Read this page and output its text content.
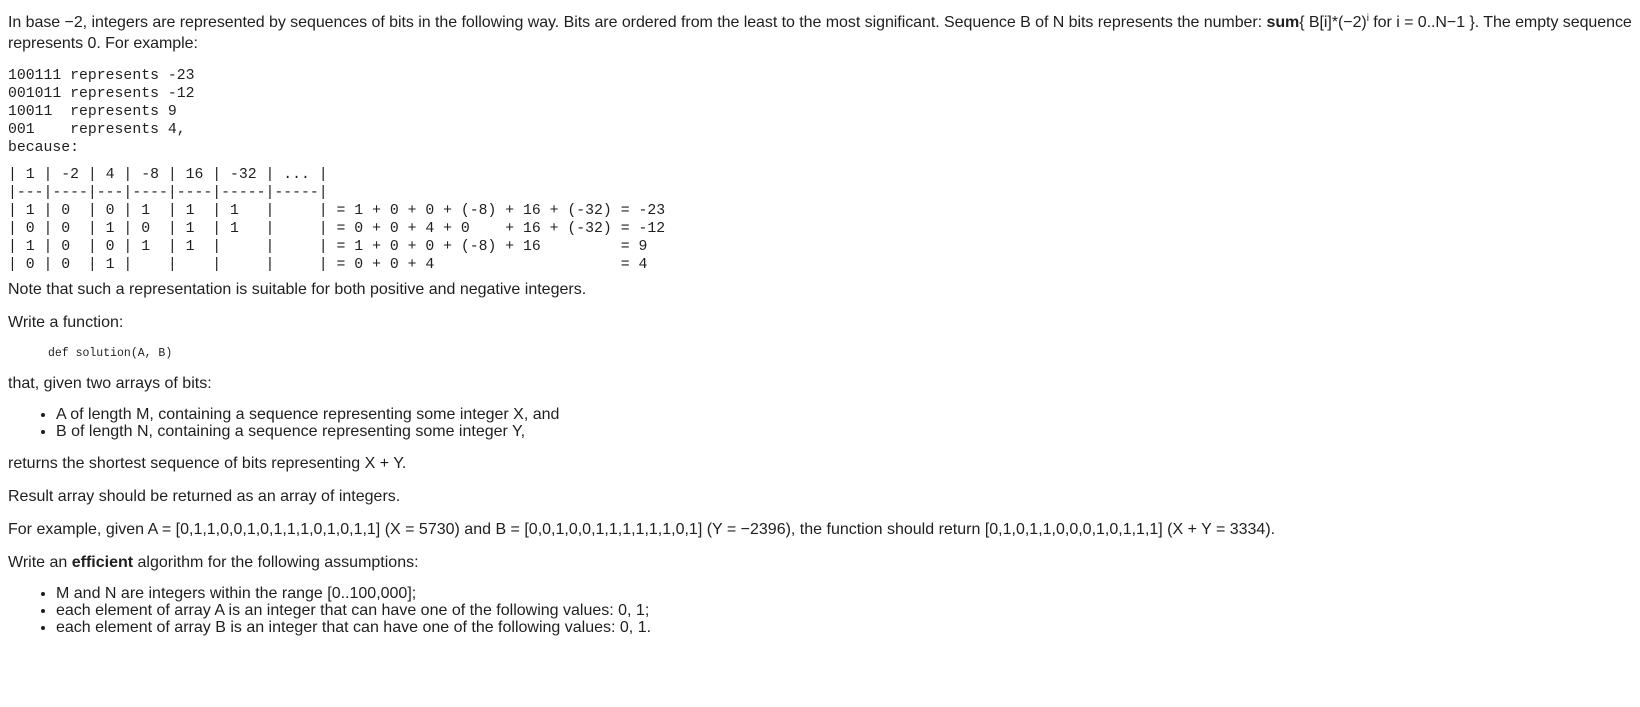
In base −2, integers are represented by sequences of bits in the following way. Bits are ordered from the least to the most significant. Sequence B of N bits represents the number: sum{ $B[i]*(-2)^i$ for i = 0..N−1 }. The empty sequence represents 0. For example:

100111 represents -23
001011 represents -12
10011  represents 9
001    represents 4,
because:
| 1 | -2 | 4 | -8 | 16 | -32 | ... |
|---|----|---|----|----|-----|-----|
| 1 | 0  | 0 | 1  | 1  | 1   |     | = 1 + 0 + 0 + (-8) + 16 + (-32) = -23
| 0 | 0  | 1 | 0  | 1  | 1   |     | = 0 + 0 + 4 + 0    + 16 + (-32) = -12
| 1 | 0  | 0 | 1  | 1  |     |     | = 1 + 0 + 0 + (-8) + 16         = 9
| 0 | 0  | 1 |    |    |     |     | = 0 + 0 + 4                     = 4

Note that such a representation is suitable for both positive and negative integers.

Write a function:

def solution(A, B)

that, given two arrays of bits:

• A of length M, containing a sequence representing some integer X, and
• B of length N, containing a sequence representing some integer Y,

returns the shortest sequence of bits representing X + Y.

Result array should be returned as an array of integers.

For example, given A = [0,1,1,0,0,1,0,1,1,1,0,1,0,1,1] (X = 5730) and B = [0,0,1,0,0,1,1,1,1,1,1,0,1] (Y = −2396), the function should return [0,1,0,1,1,0,0,0,1,0,1,1,1] (X + Y = 3334).

Write an efficient algorithm for the following assumptions:

• M and N are integers within the range [0..100,000];
• each element of array A is an integer that can have one of the following values: 0, 1;
• each element of array B is an integer that can have one of the following values: 0, 1.
